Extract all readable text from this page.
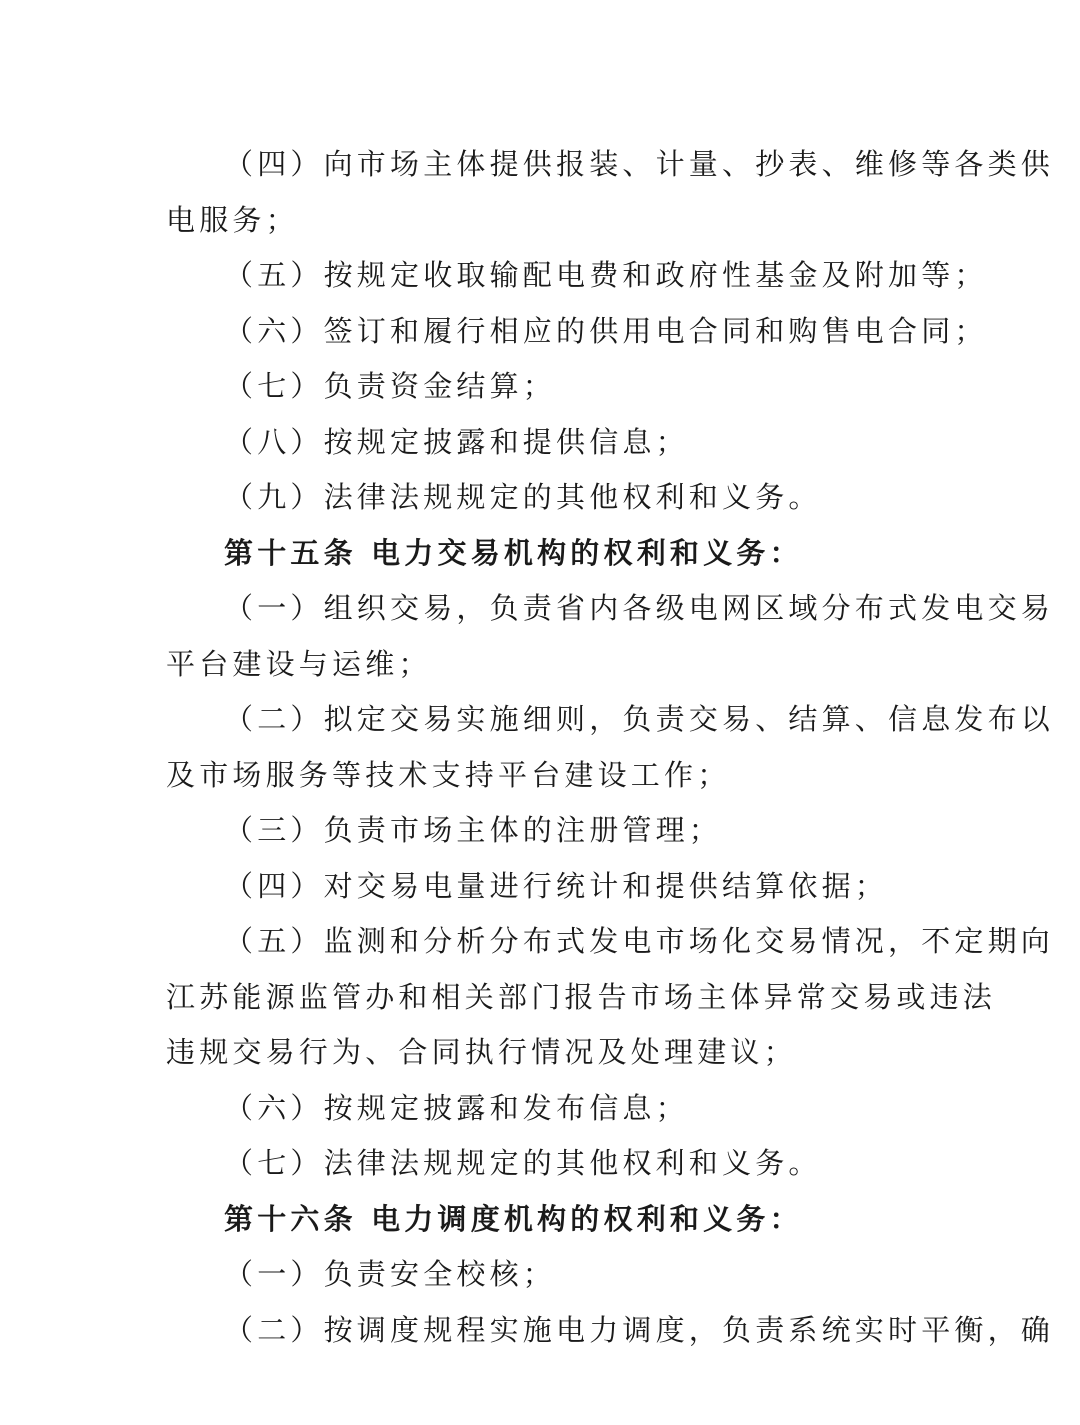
（四）向市场主体提供报装、计量、抄表、维修等各类供
电服务；
（五）按规定收取输配电费和政府性基金及附加等；
（六）签订和履行相应的供用电合同和购售电合同；
（七）负责资金结算；
（八）按规定披露和提供信息；
（九）法律法规规定的其他权利和义务。
第十五条 电力交易机构的权利和义务：
（一）组织交易，负责省内各级电网区域分布式发电交易
平台建设与运维；
（二）拟定交易实施细则，负责交易、结算、信息发布以
及市场服务等技术支持平台建设工作；
（三）负责市场主体的注册管理；
（四）对交易电量进行统计和提供结算依据；
（五）监测和分析分布式发电市场化交易情况，不定期向
江苏能源监管办和相关部门报告市场主体异常交易或违法
违规交易行为、合同执行情况及处理建议；
（六）按规定披露和发布信息；
（七）法律法规规定的其他权利和义务。
第十六条 电力调度机构的权利和义务：
（一）负责安全校核；
（二）按调度规程实施电力调度，负责系统实时平衡，确
